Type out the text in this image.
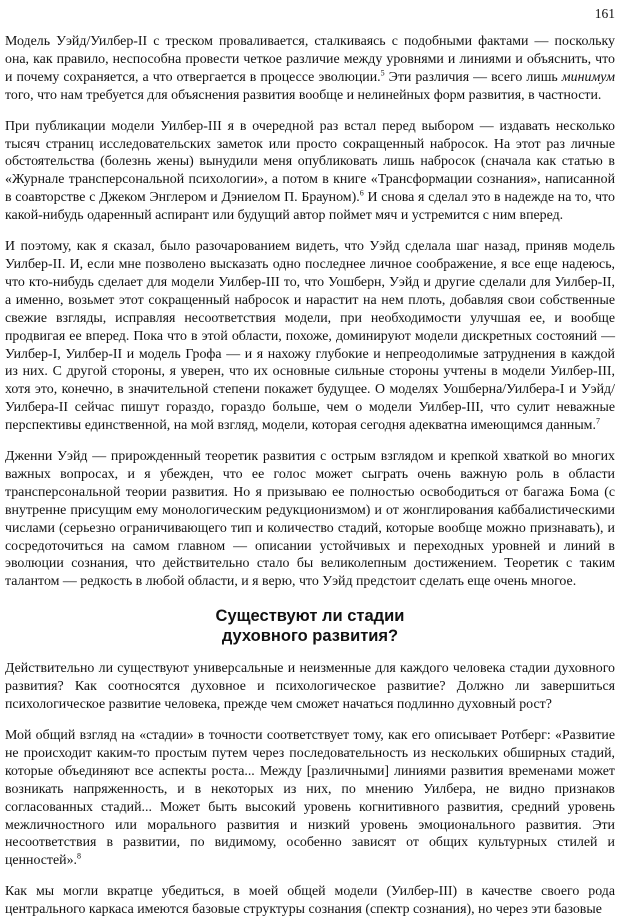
161

Модель Уэйд/Уилбер-II с треском проваливается, сталкиваясь с подобными фактами — поскольку она, как правило, неспособна провести четкое различие между уровнями и линиями и объяснить, что и почему сохраняется, а что отвергается в процессе эволюции.$^5$ Эти различия — всего лишь минимум того, что нам требуется для объяснения развития вообще и нелинейных форм развития, в частности.

При публикации модели Уилбер-III я в очередной раз встал перед выбором — издавать несколько тысяч страниц исследовательских заметок или просто сокращенный набросок. На этот раз личные обстоятельства (болезнь жены) вынудили меня опубликовать лишь набросок (сначала как статью в «Журнале трансперсональной психологии», а потом в книге «Трансформации сознания», написанной в соавторстве с Джеком Энглером и Дэниелом П. Брауном).$^6$ И снова я сделал это в надежде на то, что какой-нибудь одаренный аспирант или будущий автор поймет мяч и устремится с ним вперед.

И поэтому, как я сказал, было разочарованием видеть, что Уэйд сделала шаг назад, приняв модель Уилбер-II. И, если мне позволено высказать одно последнее личное соображение, я все еще надеюсь, что кто-нибудь сделает для модели Уилбер-III то, что Уошберн, Уэйд и другие сделали для Уилбер-II, а именно, возьмет этот сокращенный набросок и нарастит на нем плоть, добавляя свои собственные свежие взгляды, исправляя несоответствия модели, при необходимости улучшая ее, и вообще продвигая ее вперед. Пока что в этой области, похоже, доминируют модели дискретных состояний — Уилбер-I, Уилбер-II и модель Грофа — и я нахожу глубокие и непреодолимые затруднения в каждой из них. С другой стороны, я уверен, что их основные сильные стороны учтены в модели Уилбер-III, хотя это, конечно, в значительной степени покажет будущее. О моделях Уошберна/Уилбера-I и Уэйд/Уилбера-II сейчас пишут гораздо, гораздо больше, чем о модели Уилбер-III, что сулит неважные перспективы единственной, на мой взгляд, модели, которая сегодня адекватна имеющимся данным.$^7$

Дженни Уэйд — прирожденный теоретик развития с острым взглядом и крепкой хваткой во многих важных вопросах, и я убежден, что ее голос может сыграть очень важную роль в области трансперсональной теории развития. Но я призываю ее полностью освободиться от багажа Бома (с внутренне присущим ему монологическим редукционизмом) и от жонглирования каббалистическими числами (серьезно ограничивающего тип и количество стадий, которые вообще можно признавать), и сосредоточиться на самом главном — описании устойчивых и переходных уровней и линий в эволюции сознания, что действительно стало бы великолепным достижением. Теоретик с таким талантом — редкость в любой области, и я верю, что Уэйд предстоит сделать еще очень многое.

Существуют ли стадии
духовного развития?

Действительно ли существуют универсальные и неизменные для каждого человека стадии духовного развития? Как соотносятся духовное и психологическое развитие? Должно ли завершиться психологическое развитие человека, прежде чем сможет начаться подлинно духовный рост?

Мой общий взгляд на «стадии» в точности соответствует тому, как его описывает Ротберг: «Развитие не происходит каким-то простым путем через последовательность из нескольких обширных стадий, которые объединяют все аспекты роста... Между [различными] линиями развития временами может возникать напряженность, и в некоторых из них, по мнению Уилбера, не видно признаков согласованных стадий... Может быть высокий уровень когнитивного развития, средний уровень межличностного или морального развития и низкий уровень эмоционального развития. Эти несоответствия в развитии, по видимому, особенно зависят от общих культурных стилей и ценностей».$^8$

Как мы могли вкратце убедиться, в моей общей модели (Уилбер-III) в качестве своего рода центрального каркаса имеются базовые структуры сознания (спектр сознания), но через эти базовые
